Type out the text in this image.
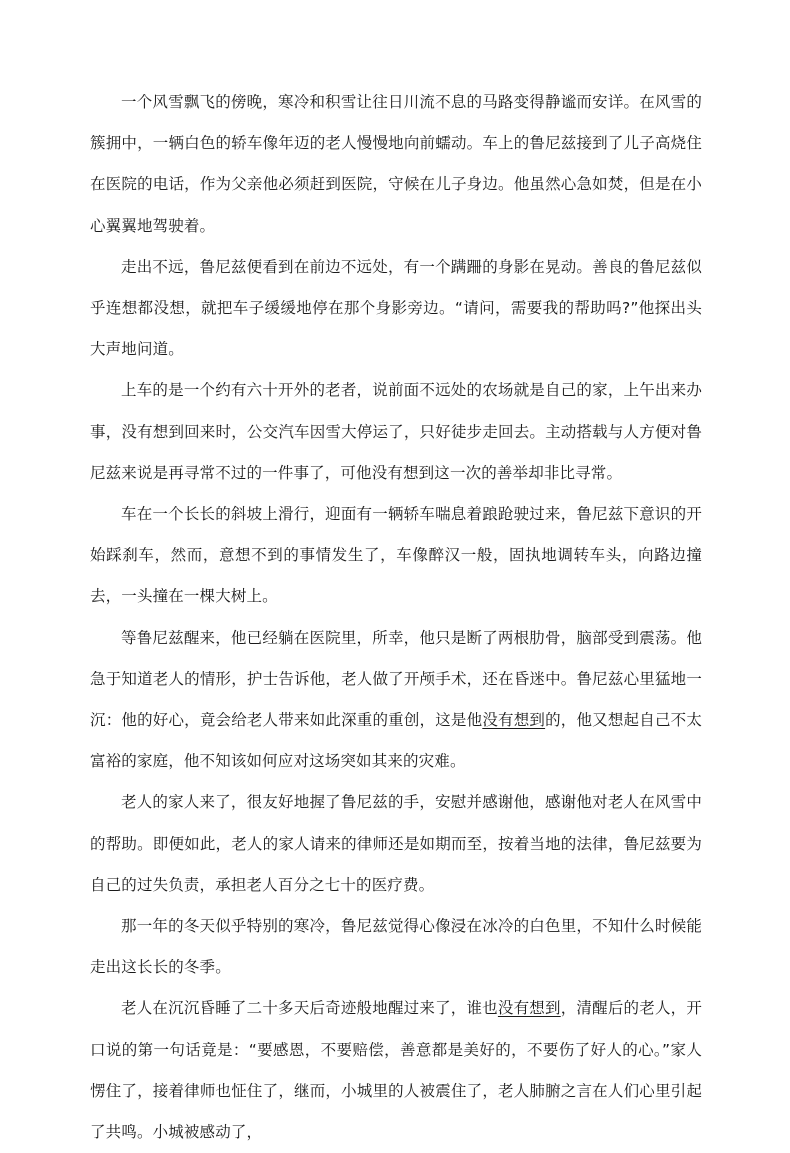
一个风雪飘飞的傍晚，寒冷和积雪让往日川流不息的马路变得静谧而安详。在风雪的簇拥中，一辆白色的轿车像年迈的老人慢慢地向前蠕动。车上的鲁尼兹接到了儿子高烧住在医院的电话，作为父亲他必须赶到医院，守候在儿子身边。他虽然心急如焚，但是在小心翼翼地驾驶着。

走出不远，鲁尼兹便看到在前边不远处，有一个蹒跚的身影在晃动。善良的鲁尼兹似乎连想都没想，就把车子缓缓地停在那个身影旁边。“请问，需要我的帮助吗?”他探出头大声地问道。

上车的是一个约有六十开外的老者，说前面不远处的农场就是自己的家，上午出来办事，没有想到回来时，公交汽车因雪大停运了，只好徒步走回去。主动搭载与人方便对鲁尼兹来说是再寻常不过的一件事了，可他没有想到这一次的善举却非比寻常。

车在一个长长的斜坡上滑行，迎面有一辆轿车喘息着踉跄驶过来，鲁尼兹下意识的开始踩刹车，然而，意想不到的事情发生了，车像醉汉一般，固执地调转车头，向路边撞去，一头撞在一棵大树上。

等鲁尼兹醒来，他已经躺在医院里，所幸，他只是断了两根肋骨，脑部受到震荡。他急于知道老人的情形，护士告诉他，老人做了开颅手术，还在昏迷中。鲁尼兹心里猛地一沉：他的好心，竟会给老人带来如此深重的重创，这是他没有想到的，他又想起自己不太富裕的家庭，他不知该如何应对这场突如其来的灾难。

老人的家人来了，很友好地握了鲁尼兹的手，安慰并感谢他，感谢他对老人在风雪中的帮助。即便如此，老人的家人请来的律师还是如期而至，按着当地的法律，鲁尼兹要为自己的过失负责，承担老人百分之七十的医疗费。

那一年的冬天似乎特别的寒冷，鲁尼兹觉得心像浸在冰冷的白色里，不知什么时候能走出这长长的冬季。

老人在沉沉昏睡了二十多天后奇迹般地醒过来了，谁也没有想到，清醒后的老人，开口说的第一句话竟是：“要感恩，不要赔偿，善意都是美好的，不要伤了好人的心。”家人愣住了，接着律师也怔住了，继而，小城里的人被震住了，老人肺腑之言在人们心里引起了共鸣。小城被感动了，
